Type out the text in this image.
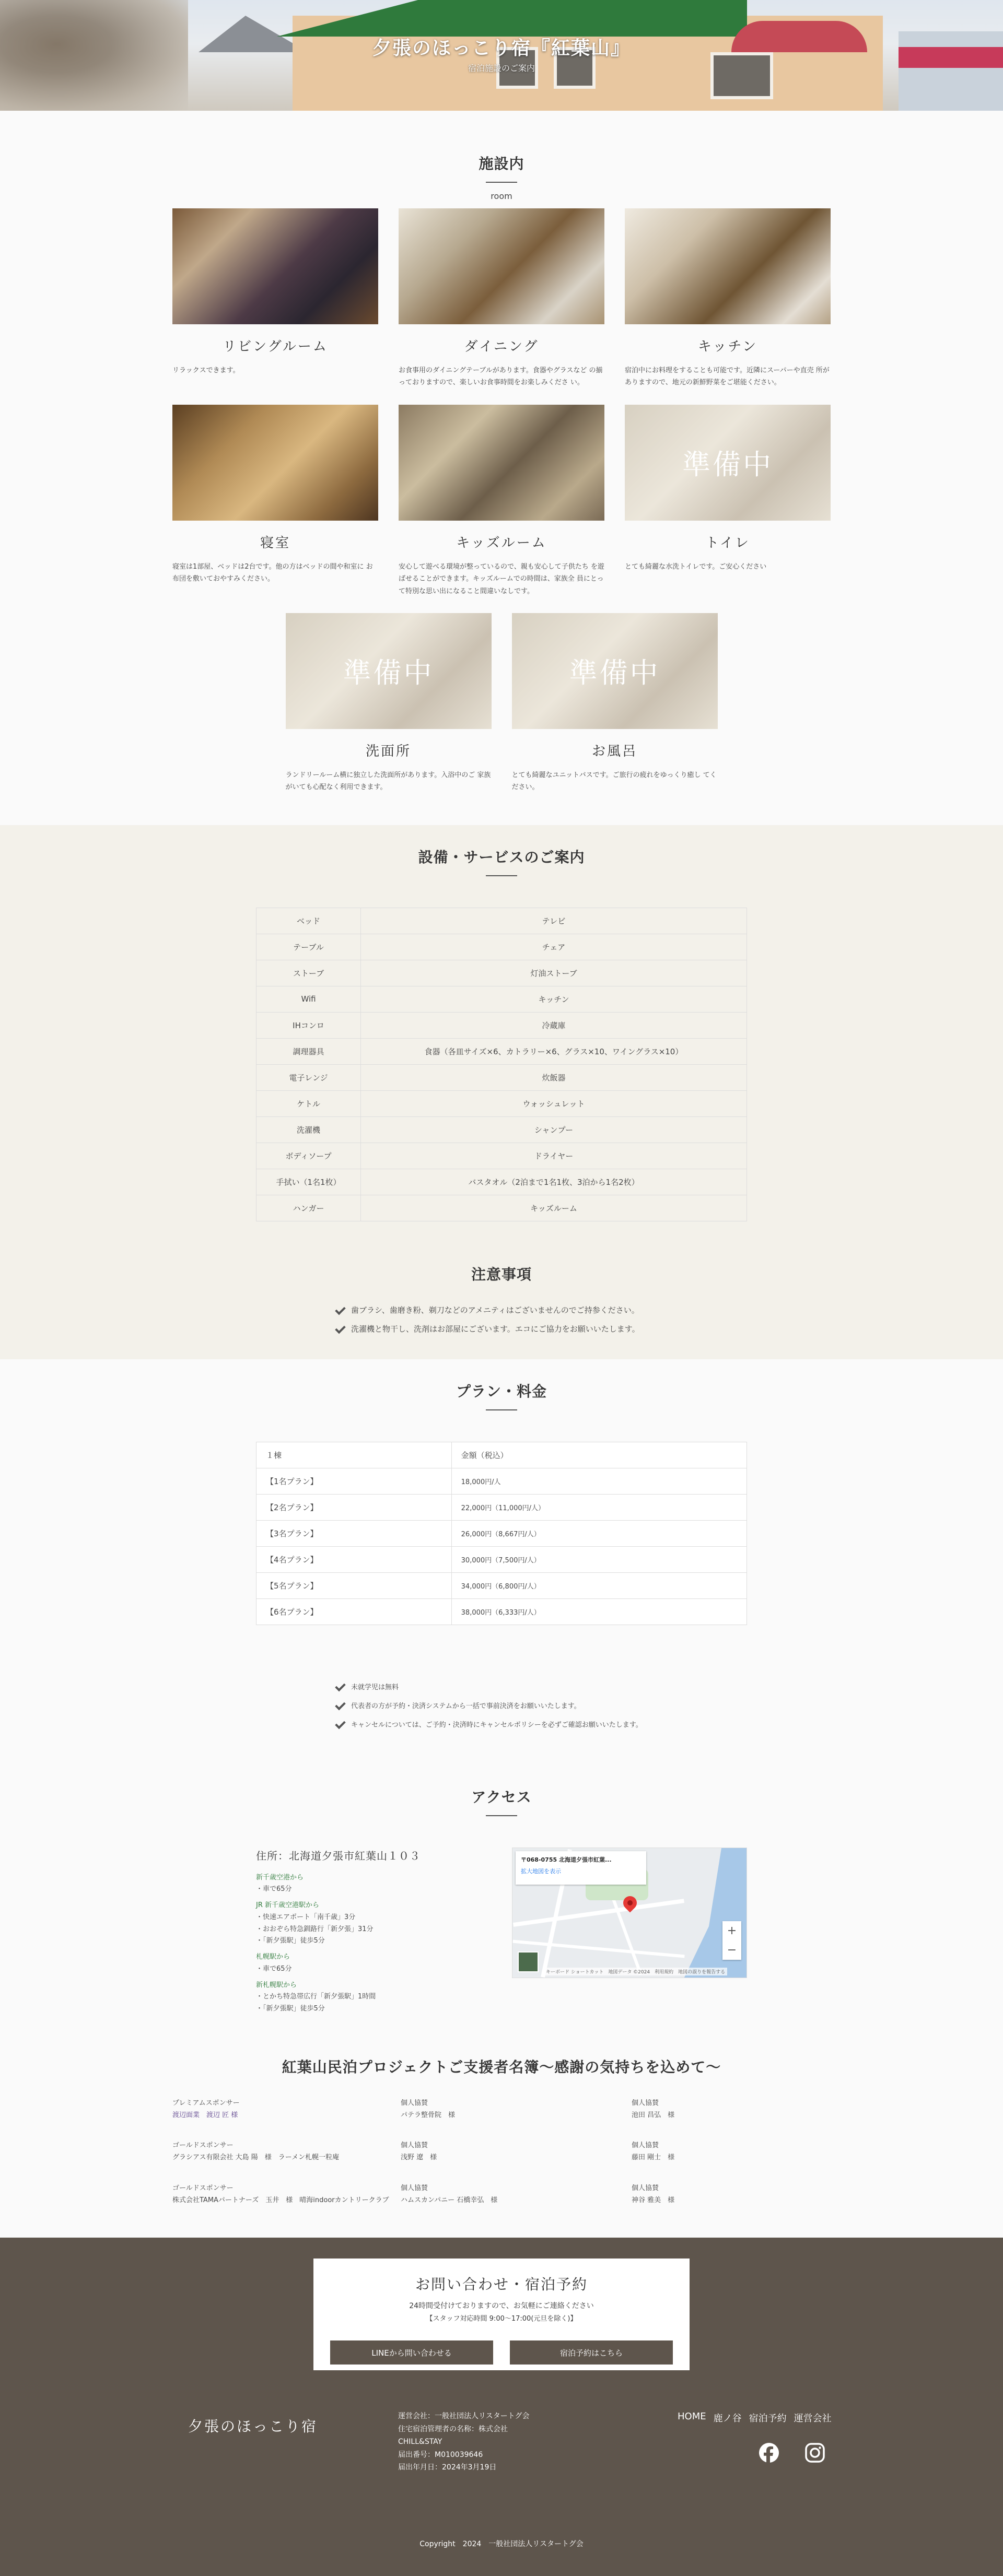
夕張のほっこり宿『紅葉山』
宿泊施設のご案内
施設内
room
リビングルーム

リラックスできます。

ダイニング

お食事用のダイニングテーブルがあります。食器やグラスなど の揃っておりますので、楽しいお食事時間をお楽しみくださ い。

キッチン

宿泊中にお料理をすることも可能です。近隣にスーパーや直売 所がありますので、地元の新鮮野菜をご堪能ください。

寝室

寝室は1部屋、ベッドは2台です。他の方はベッドの間や和室に お布団を敷いておやすみください。

キッズルーム

安心して遊べる環境が整っているので、親も安心して子供たち を遊ばせることができます。キッズルームでの時間は、家族全 員にとって特別な思い出になること間違いなしです。

準備中
トイレ

とても綺麗な水洗トイレです。ご安心ください

準備中
洗面所

ランドリールーム横に独立した洗面所があります。入浴中のご 家族がいても心配なく利用できます。

準備中
お風呂

とても綺麗なユニットバスです。ご旅行の疲れをゆっくり癒し てください。

設備・サービスのご案内
ベッド	テレビ
テーブル	チェア
ストーブ	灯油ストーブ
Wifi	キッチン
IHコンロ	冷蔵庫
調理器具	食器（各皿サイズ×6、カトラリー×6、グラス×10、ワイングラス×10）
電子レンジ	炊飯器
ケトル	ウォッシュレット
洗濯機	シャンプー
ボディソープ	ドライヤー
手拭い（1名1枚）	バスタオル（2泊まで1名1枚、3泊から1名2枚）
ハンガー	キッズルーム
注意事項
歯ブラシ、歯磨き粉、剃刀などのアメニティはございませんのでご持参ください。
洗濯機と物干し、洗剤はお部屋にございます。エコにご協力をお願いいたします。
プラン・料金
１棟	金額（税込）
【1名プラン】	18,000円/人
【2名プラン】	22,000円（11,000円/人）
【3名プラン】	26,000円（8,667円/人）
【4名プラン】	30,000円（7,500円/人）
【5名プラン】	34,000円（6,800円/人）
【6名プラン】	38,000円（6,333円/人）
未就学児は無料
代表者の方が予約・決済システムから一括で事前決済をお願いいたします。
キャンセルについては、ご予約・決済時にキャンセルポリシーを必ずご確認お願いいたします。
アクセス
住所：北海道夕張市紅葉山１０３
新千歳空港から
・車で65分
JR 新千歳空港駅から
・快速エアポート「南千歳」3分
・おおぞら特急釧路行「新夕張」31分
・「新夕張駅」徒歩5分
札幌駅から
・車で65分
新札幌駅から
・とかち特急帯広行「新夕張駅」1時間
・「新夕張駅」徒歩5分
〒068-0755 北海道夕張市紅葉...
拡大地図を表示
+
−
キーボード ショートカット　地図データ ©2024　利用規約　地図の誤りを報告する
紅葉山民泊プロジェクトご支援者名簿〜感謝の気持ちを込めて〜
プレミアムスポンサー
渡辺面業　渡辺 匠 様
個人協賛
パテラ整骨院　様
個人協賛
池田 昌弘　様
ゴールドスポンサー
グラシアス有限会社 大島 陽　様　ラーメン札幌一粒庵
個人協賛
浅野 遼　様
個人協賛
藤田 剛士　様
ゴールドスポンサー
株式会社TAMAパートナーズ　玉井　様　晴海indoorカントリークラブ
個人協賛
ハムスカンパニー 石橋幸弘　様
個人協賛
神谷 雅美　様
お問い合わせ・宿泊予約
24時間受付けておりますので、お気軽にご連絡ください
【スタッフ対応時間 9:00〜17:00(元旦を除く)】
LINEから問い合わせる	宿泊予約はこちら
夕張のほっこり宿
運営会社：一般社団法人リスタートグ会
住宅宿泊管理者の名称：株式会社
CHILL&STAY
届出番号：M010039646
届出年月日：2024年3月19日
HOME 鹿ノ谷 宿泊予約 運営会社
Copyright　2024　一般社団法人リスタートグ会
